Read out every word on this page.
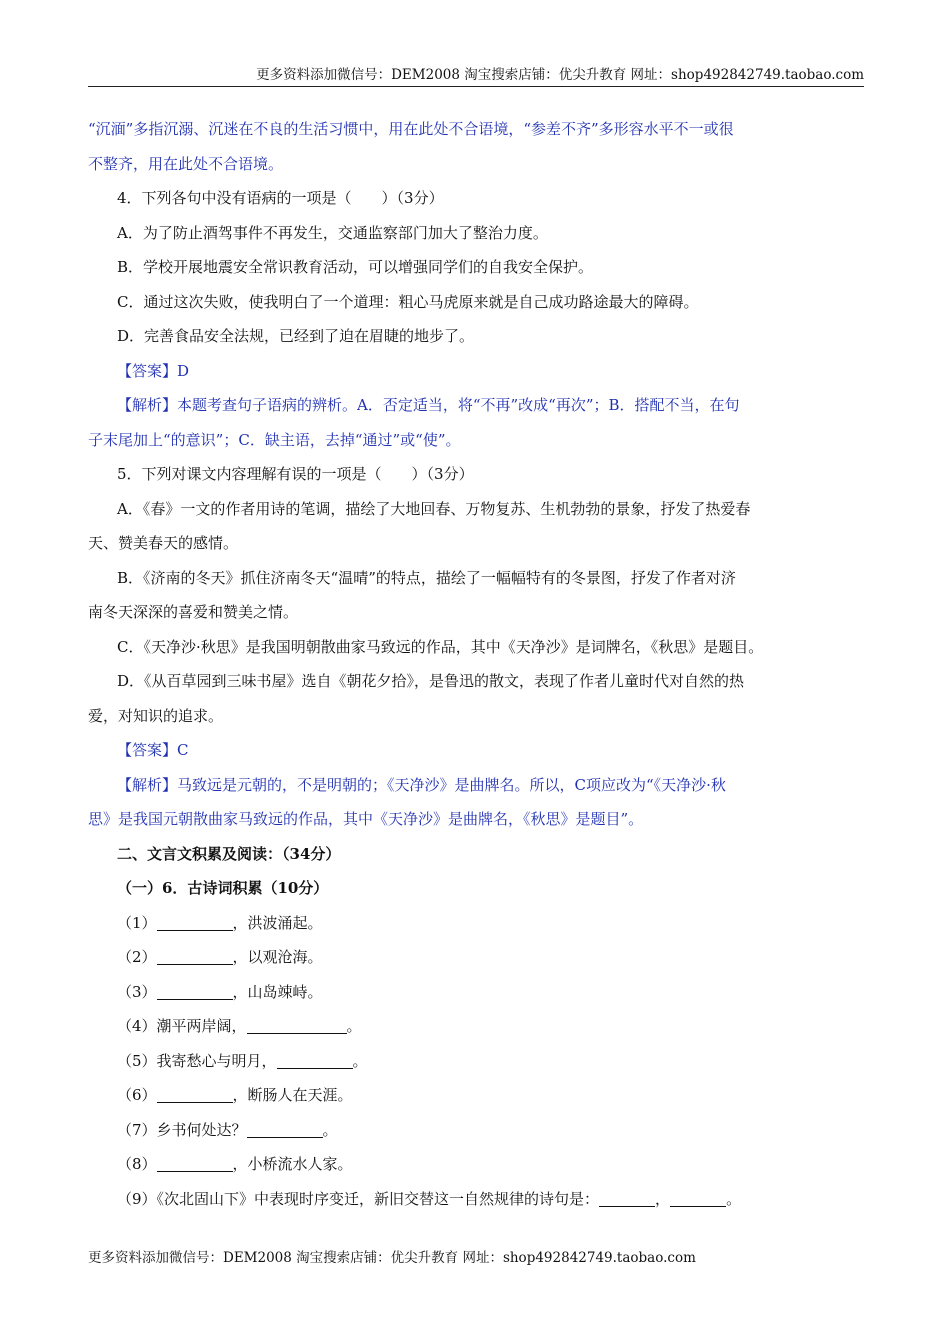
更多资料添加微信号：DEM2008 淘宝搜索店铺：优尖升教育 网址：shop492842749.taobao.com

“沉湎”多指沉溺、沉迷在不良的生活习惯中，用在此处不合语境，“参差不齐”多形容水平不一或很

不整齐，用在此处不合语境。

4．下列各句中没有语病的一项是（　　）（3分）

A．为了防止酒驾事件不再发生，交通监察部门加大了整治力度。

B．学校开展地震安全常识教育活动，可以增强同学们的自我安全保护。

C．通过这次失败，使我明白了一个道理：粗心马虎原来就是自己成功路途最大的障碍。

D．完善食品安全法规，已经到了迫在眉睫的地步了。

【答案】D

【解析】本题考查句子语病的辨析。A．否定适当，将“不再”改成“再次”；B．搭配不当，在句

子末尾加上“的意识”；C．缺主语，去掉“通过”或“使”。

5．下列对课文内容理解有误的一项是（　　）（3分）

A．《春》一文的作者用诗的笔调，描绘了大地回春、万物复苏、生机勃勃的景象，抒发了热爱春

天、赞美春天的感情。

B．《济南的冬天》抓住济南冬天“温晴”的特点，描绘了一幅幅特有的冬景图，抒发了作者对济

南冬天深深的喜爱和赞美之情。

C．《天净沙·秋思》是我国明朝散曲家马致远的作品，其中《天净沙》是词牌名，《秋思》是题目。

D．《从百草园到三味书屋》选自《朝花夕拾》，是鲁迅的散文，表现了作者儿童时代对自然的热

爱，对知识的追求。

【答案】C

【解析】马致远是元朝的，不是明朝的；《天净沙》是曲牌名。所以，C项应改为“《天净沙·秋

思》是我国元朝散曲家马致远的作品，其中《天净沙》是曲牌名，《秋思》是题目”。

二、文言文积累及阅读：（34分）

（一）6．古诗词积累（10分）

（1）	，洪波涌起。

（2）	，以观沧海。

（3）	，山岛竦峙。

（4）潮平两岸阔，	。

（5）我寄愁心与明月，	。

（6）	，断肠人在天涯。

（7）乡书何处达？	。

（8）	，小桥流水人家。

（9）《次北固山下》中表现时序变迁，新旧交替这一自然规律的诗句是：	，	。

更多资料添加微信号：DEM2008 淘宝搜索店铺：优尖升教育 网址：shop492842749.taobao.com
